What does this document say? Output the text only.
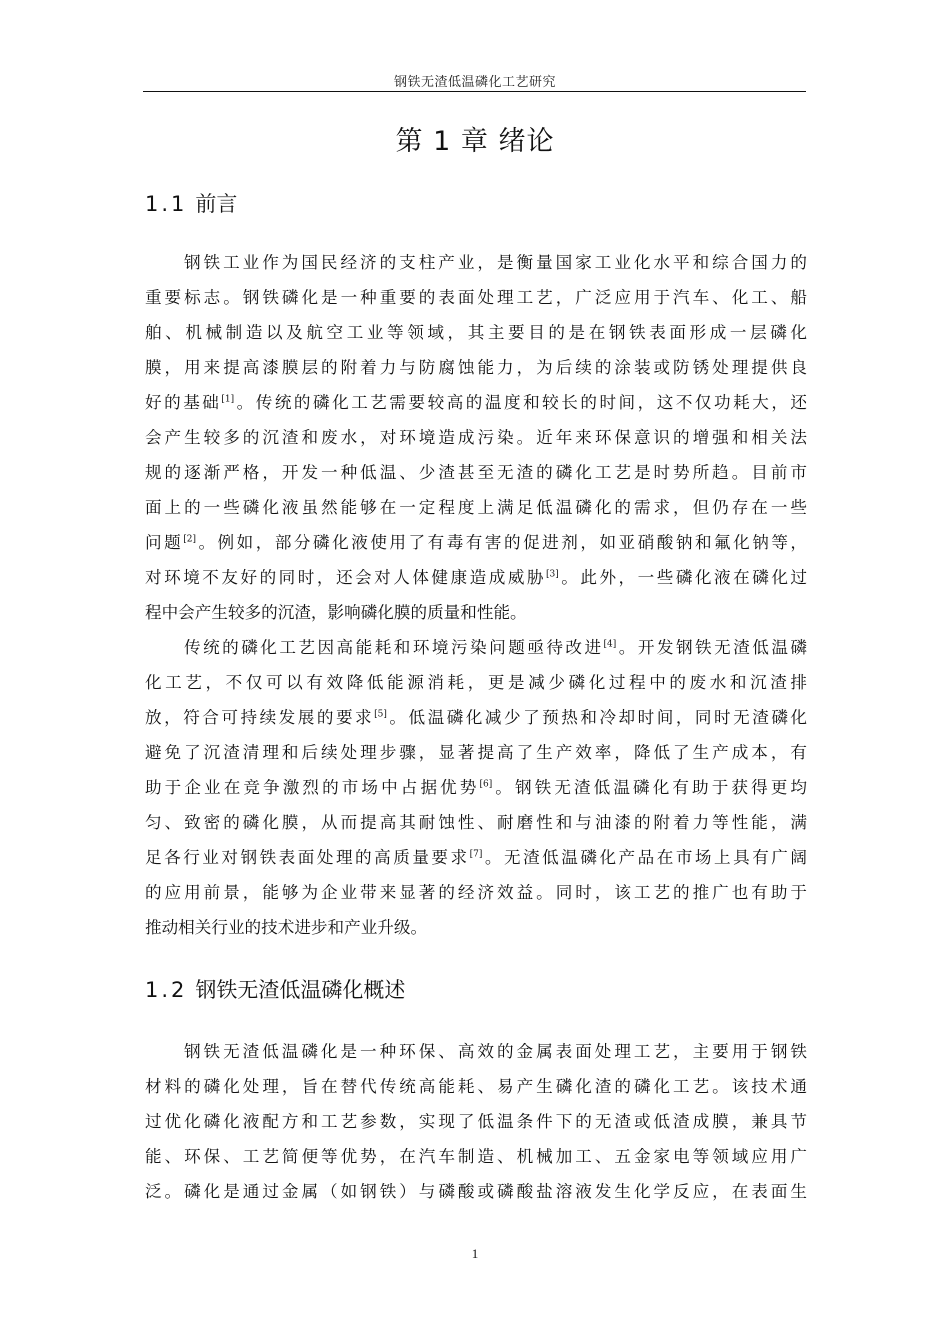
钢铁无渣低温磷化工艺研究
第 1 章 绪论
1.1 前言
钢铁工业作为国民经济的支柱产业，是衡量国家工业化水平和综合国力的
重要标志。钢铁磷化是一种重要的表面处理工艺，广泛应用于汽车、化工、船
舶、机械制造以及航空工业等领域，其主要目的是在钢铁表面形成一层磷化
膜，用来提高漆膜层的附着力与防腐蚀能力，为后续的涂装或防锈处理提供良
好的基础[1]。传统的磷化工艺需要较高的温度和较长的时间，这不仅功耗大，还
会产生较多的沉渣和废水，对环境造成污染。近年来环保意识的增强和相关法
规的逐渐严格，开发一种低温、少渣甚至无渣的磷化工艺是时势所趋。目前市
面上的一些磷化液虽然能够在一定程度上满足低温磷化的需求，但仍存在一些
问题[2]。例如，部分磷化液使用了有毒有害的促进剂，如亚硝酸钠和氟化钠等，
对环境不友好的同时，还会对人体健康造成威胁[3]。此外，一些磷化液在磷化过
程中会产生较多的沉渣，影响磷化膜的质量和性能。
传统的磷化工艺因高能耗和环境污染问题亟待改进[4]。开发钢铁无渣低温磷
化工艺，不仅可以有效降低能源消耗，更是减少磷化过程中的废水和沉渣排
放，符合可持续发展的要求[5]。低温磷化减少了预热和冷却时间，同时无渣磷化
避免了沉渣清理和后续处理步骤，显著提高了生产效率，降低了生产成本，有
助于企业在竞争激烈的市场中占据优势[6]。钢铁无渣低温磷化有助于获得更均
匀、致密的磷化膜，从而提高其耐蚀性、耐磨性和与油漆的附着力等性能，满
足各行业对钢铁表面处理的高质量要求[7]。无渣低温磷化产品在市场上具有广阔
的应用前景，能够为企业带来显著的经济效益。同时，该工艺的推广也有助于
推动相关行业的技术进步和产业升级。
1.2 钢铁无渣低温磷化概述
钢铁无渣低温磷化是一种环保、高效的金属表面处理工艺，主要用于钢铁
材料的磷化处理，旨在替代传统高能耗、易产生磷化渣的磷化工艺。该技术通
过优化磷化液配方和工艺参数，实现了低温条件下的无渣或低渣成膜，兼具节
能、环保、工艺简便等优势，在汽车制造、机械加工、五金家电等领域应用广
泛。磷化是通过金属（如钢铁）与磷酸或磷酸盐溶液发生化学反应，在表面生
1
